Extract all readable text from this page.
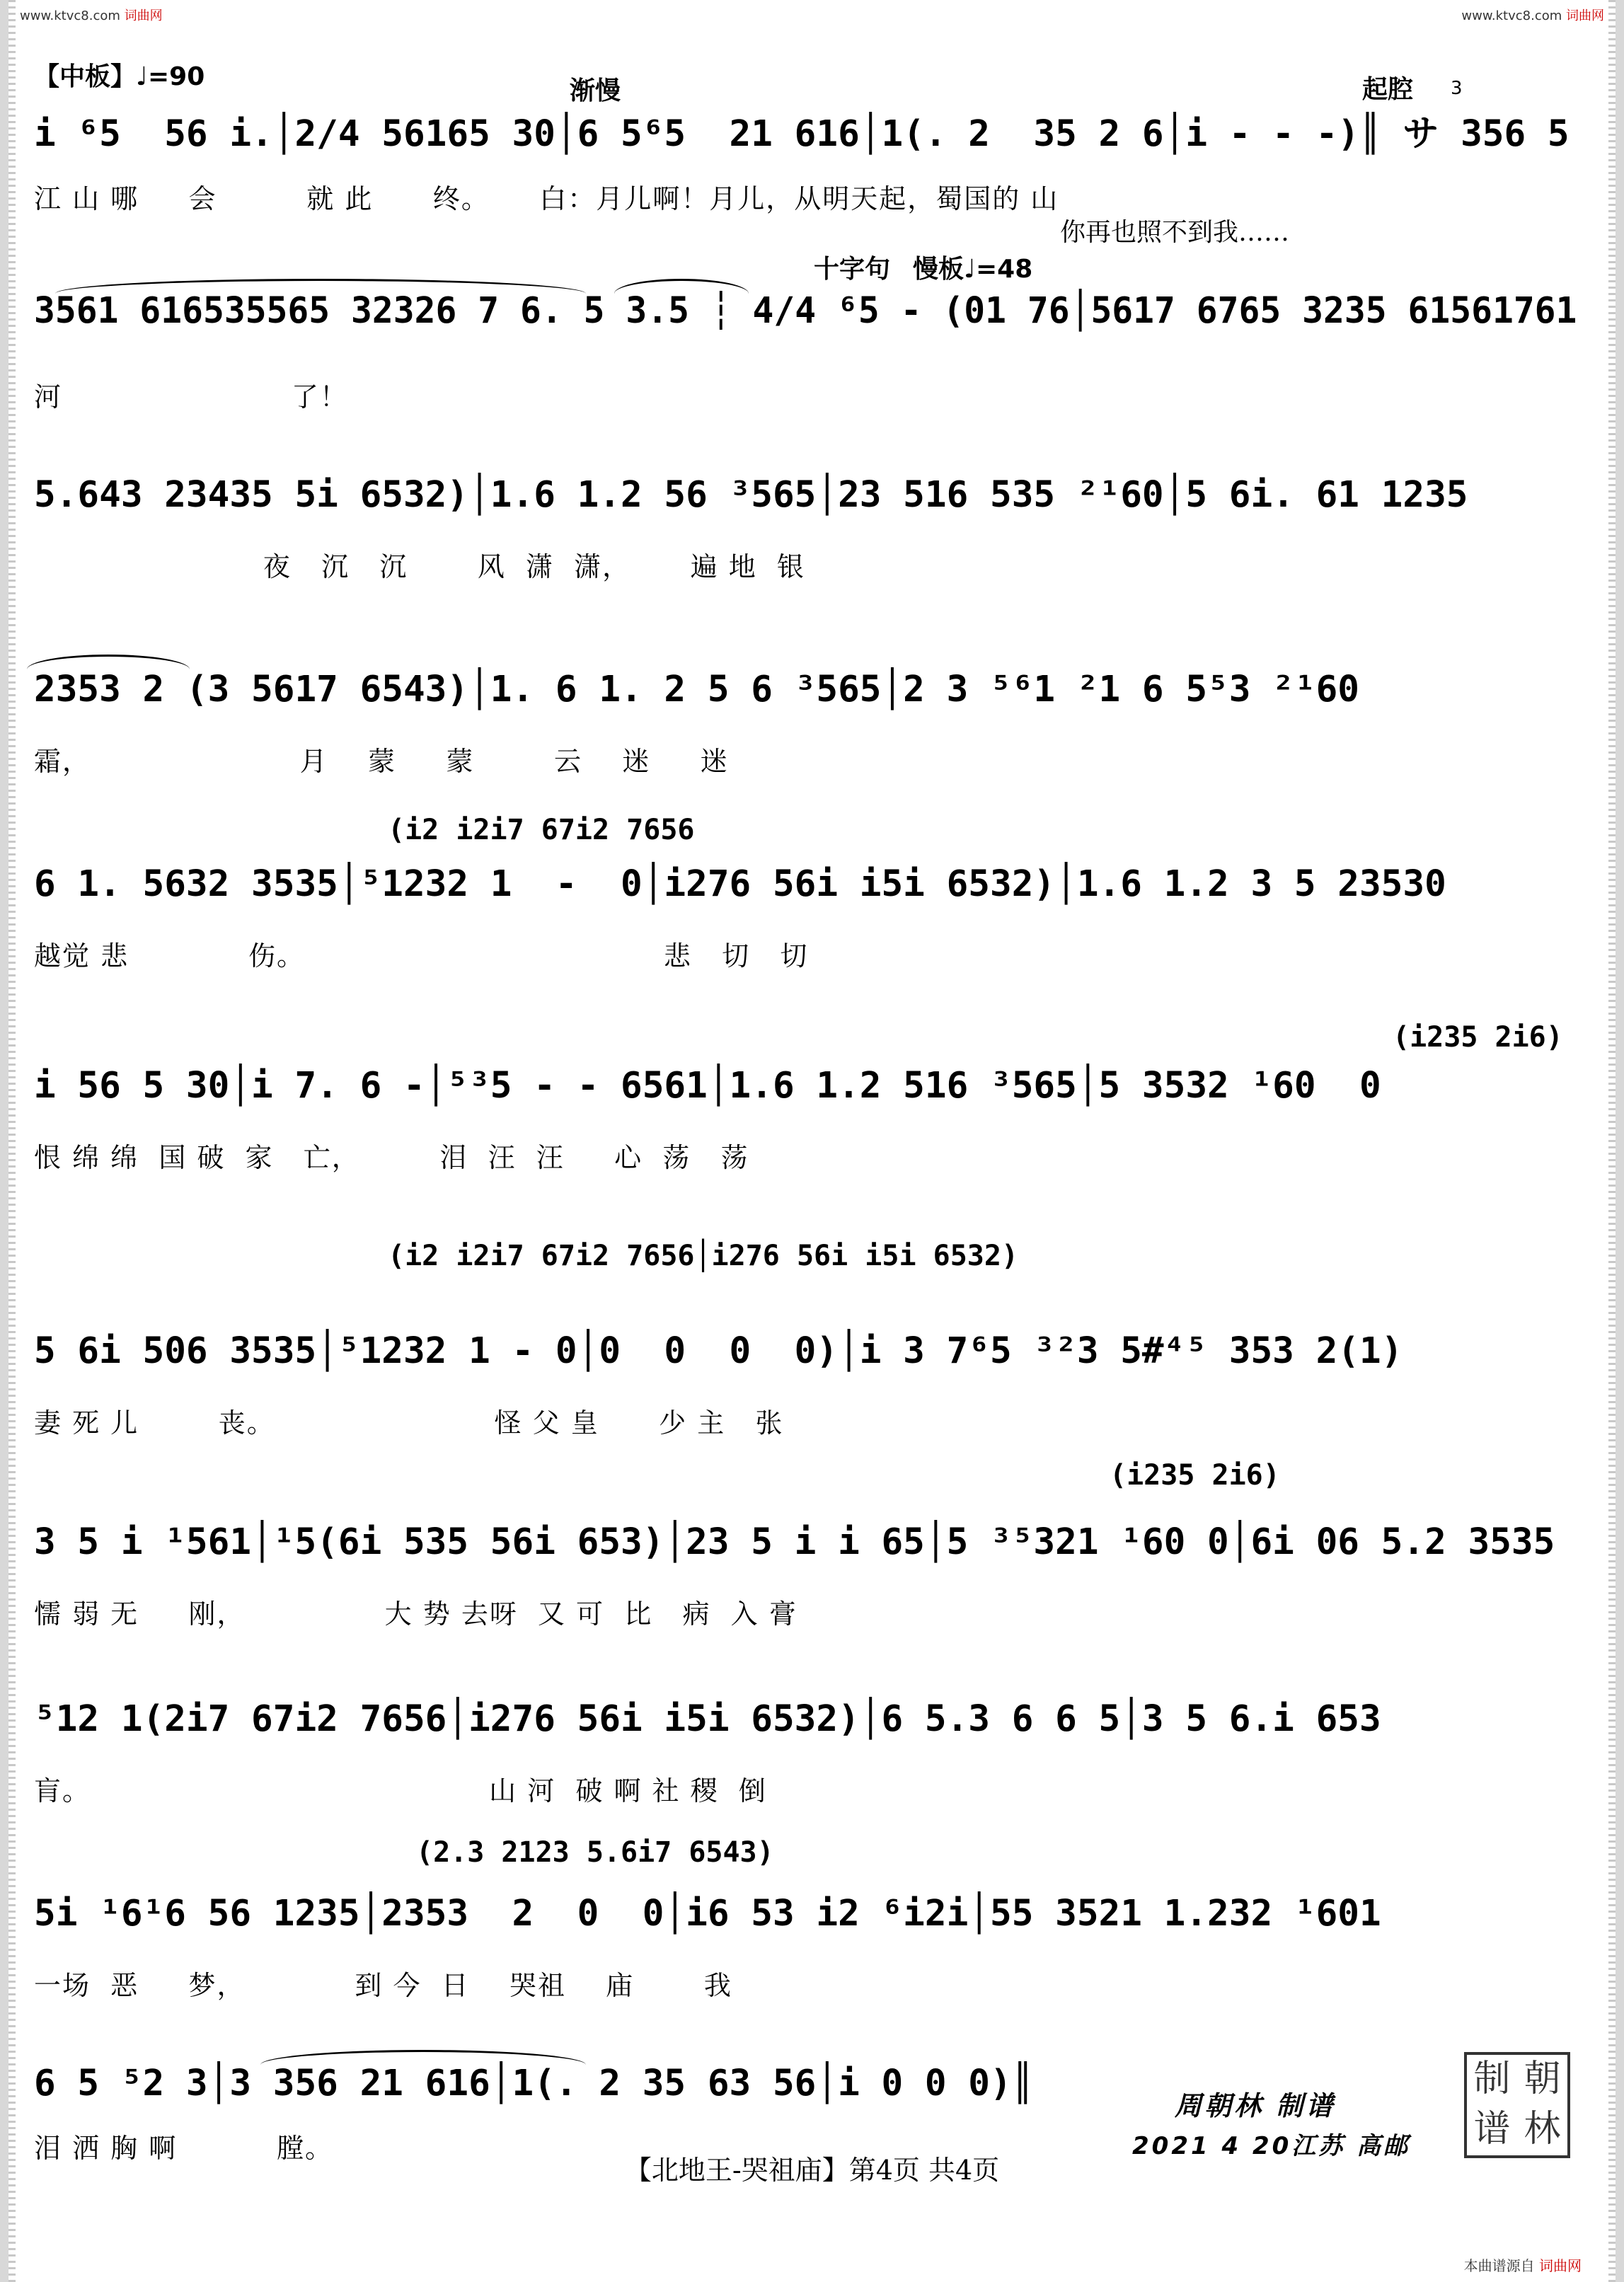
www.ktvc8.com 词曲网	www.ktvc8.com 词曲网
【中板】♩=90	渐慢	起腔 3
十字句 慢板♩=48
i ⁶5  56 i.│2/4 56165 30│6 5⁶5  21 616│1(. 2  35 2 6│i - - -)║ サ 356 5
江 山 哪     会         就 此      终。     白：月儿啊！月儿，从明天起，蜀国的 山
你再也照不到我……
3561 616535565 32326 7 6. 5 3.5 ┆ 4/4 ⁶5 - (01 76│5617 6765 3235 61561761
河                       了！
5.643 23435 5i 6532)│1.6 1.2 56 ³565│23 516 535 ²¹60│5 6i. 61 1235
夜   沉   沉       风  潇  潇，      遍 地  银
2353 2 (3 5617 6543)│1. 6 1. 2 5 6 ³565│2 3 ⁵⁶1 ²1 6 5⁵3 ²¹60
霜，                     月    蒙     蒙        云    迷     迷
(i2 i2i7 67i2 7656
6 1. 5632 3535│⁵1232 1  -  0│i276 56i i5i 6532)│1.6 1.2 3 5 23530
越觉 悲            伤。                                    悲   切   切
(i235 2i6)
i 56 5 30│i 7. 6 -│⁵³5 - - 6561│1.6 1.2 516 ³565│5 3532 ¹60  0
恨 绵 绵  国 破  家   亡，        泪  汪  汪     心  荡   荡
(i2 i2i7 67i2 7656│i276 56i i5i 6532)
5 6i 506 3535│⁵1232 1 - 0│0  0  0  0)│i 3 7⁶5 ³²3 5#⁴⁵ 353 2(1)
妻 死 儿        丧。                      怪 父 皇      少 主   张
(i235 2i6)
3 5 i ¹561│¹5(6i 535 56i 653)│23 5 i i 65│5 ³⁵321 ¹60 0│6i 06 5.2 3535
懦 弱 无     刚，              大 势 去呀  又 可  比   病  入 膏
⁵12 1(2i7 67i2 7656│i276 56i i5i 6532)│6 5.3 6 6 5│3 5 6.i 653
肓。                                        山 河  破 啊 社 稷  倒
(2.3 2123 5.6i7 6543)
5i ¹6¹6 56 1235│2353  2  0  0│i6 53 i2 ⁶i2i│55 3521 1.232 ¹601
一场  恶     梦，           到 今  日    哭祖    庙       我
6 5 ⁵2 3│3 356 21 616│1(. 2 35 63 56│i 0 0 0)║
泪 洒 胸 啊          膛。
周朝林 制谱
2021 4 20江苏 高邮
制 朝
谱 林
【北地王-哭祖庙】第4页 共4页
本曲谱源自 词曲网
